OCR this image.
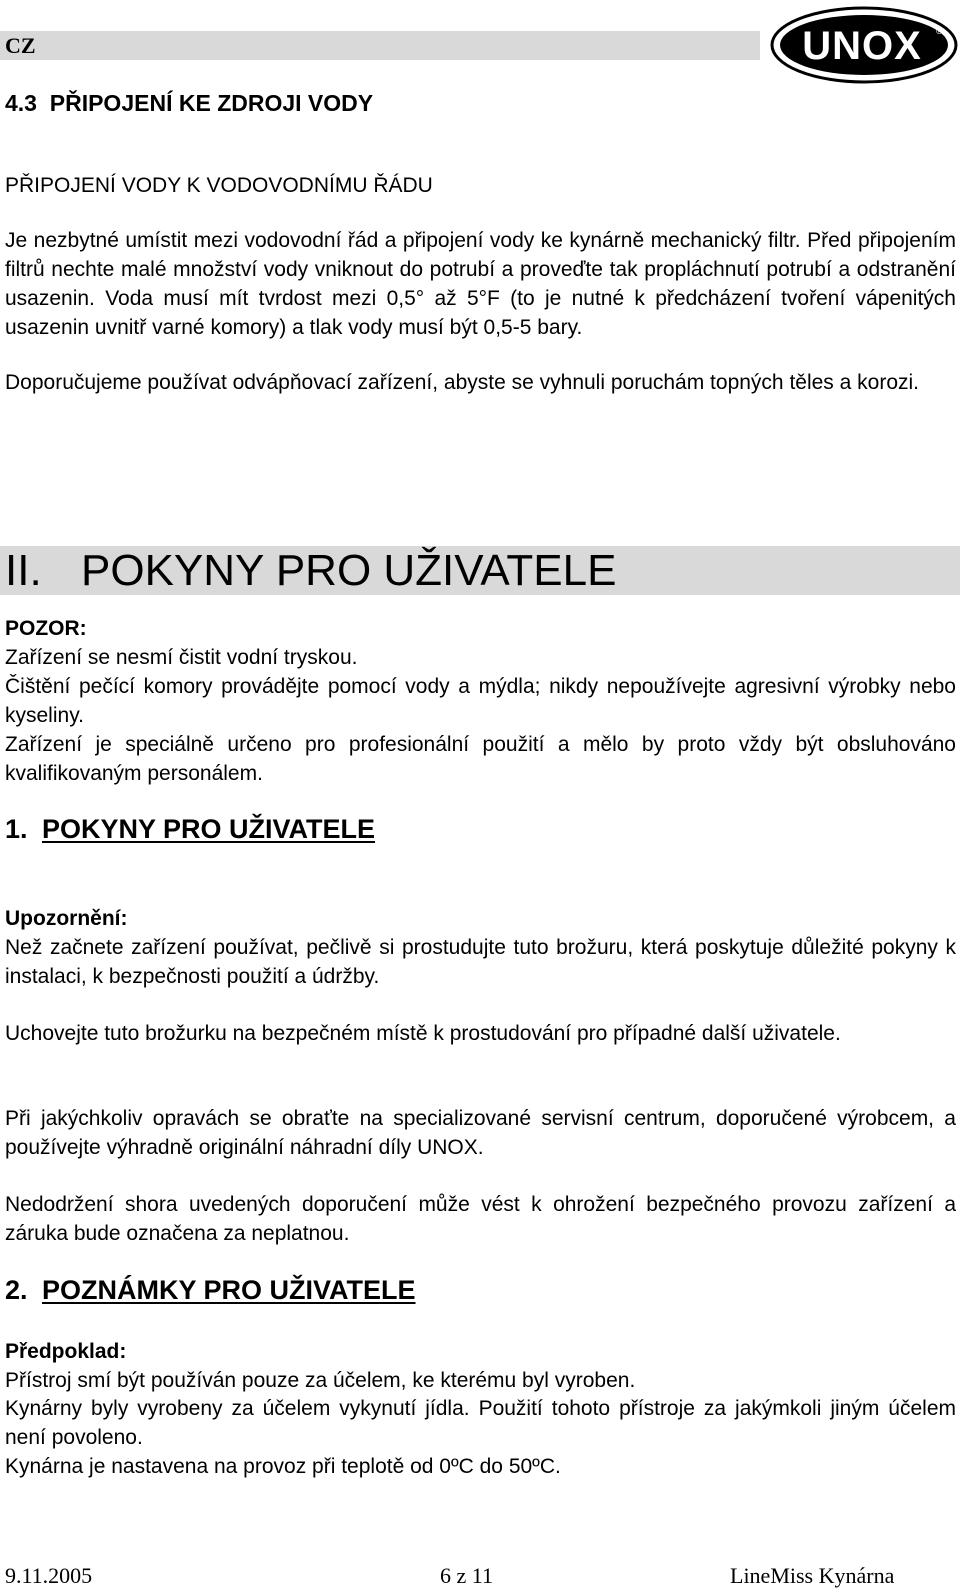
CZ	UNOX ®
4.3  PŘIPOJENÍ KE ZDROJI VODY
PŘIPOJENÍ VODY K VODOVODNÍMU ŘÁDU

Je nezbytné umístit mezi vodovodní řád a připojení vody ke kynárně mechanický filtr. Před připojením filtrů nechte malé množství vody vniknout do potrubí a proveďte tak propláchnutí potrubí a odstranění usazenin. Voda musí mít tvrdost mezi 0,5° až 5°F (to je nutné k předcházení tvoření vápenitých usazenin uvnitř varné komory) a tlak vody musí být 0,5-5 bary.

Doporučujeme používat odvápňovací zařízení, abyste se vyhnuli poruchám topných těles a korozi.

II. POKYNY PRO UŽIVATELE

POZOR:

Zařízení se nesmí čistit vodní tryskou.

Čištění pečící komory provádějte pomocí vody a mýdla; nikdy nepoužívejte agresivní výrobky nebo kyseliny.

Zařízení je speciálně určeno pro profesionální použití a mělo by proto vždy být obsluhováno kvalifikovaným personálem.

1. POKYNY PRO UŽIVATELE

Upozornění:

Než začnete zařízení používat, pečlivě si prostudujte tuto brožuru, která poskytuje důležité pokyny k instalaci, k bezpečnosti použití a údržby.

Uchovejte tuto brožurku na bezpečném místě k prostudování pro případné další uživatele.

Při jakýchkoliv opravách se obraťte na specializované servisní centrum, doporučené výrobcem, a používejte výhradně originální náhradní díly UNOX.

Nedodržení shora uvedených doporučení může vést k ohrožení bezpečného provozu zařízení a záruka bude označena za neplatnou.

2. POZNÁMKY PRO UŽIVATELE

Předpoklad:

Přístroj smí být používán pouze za účelem, ke kterému byl vyroben.

Kynárny byly vyrobeny za účelem vykynutí jídla. Použití tohoto přístroje za jakýmkoli jiným účelem není povoleno.

Kynárna je nastavena na provoz při teplotě od 0ºC do 50ºC.

9.11.2005	6 z 11	LineMiss Kynárna
